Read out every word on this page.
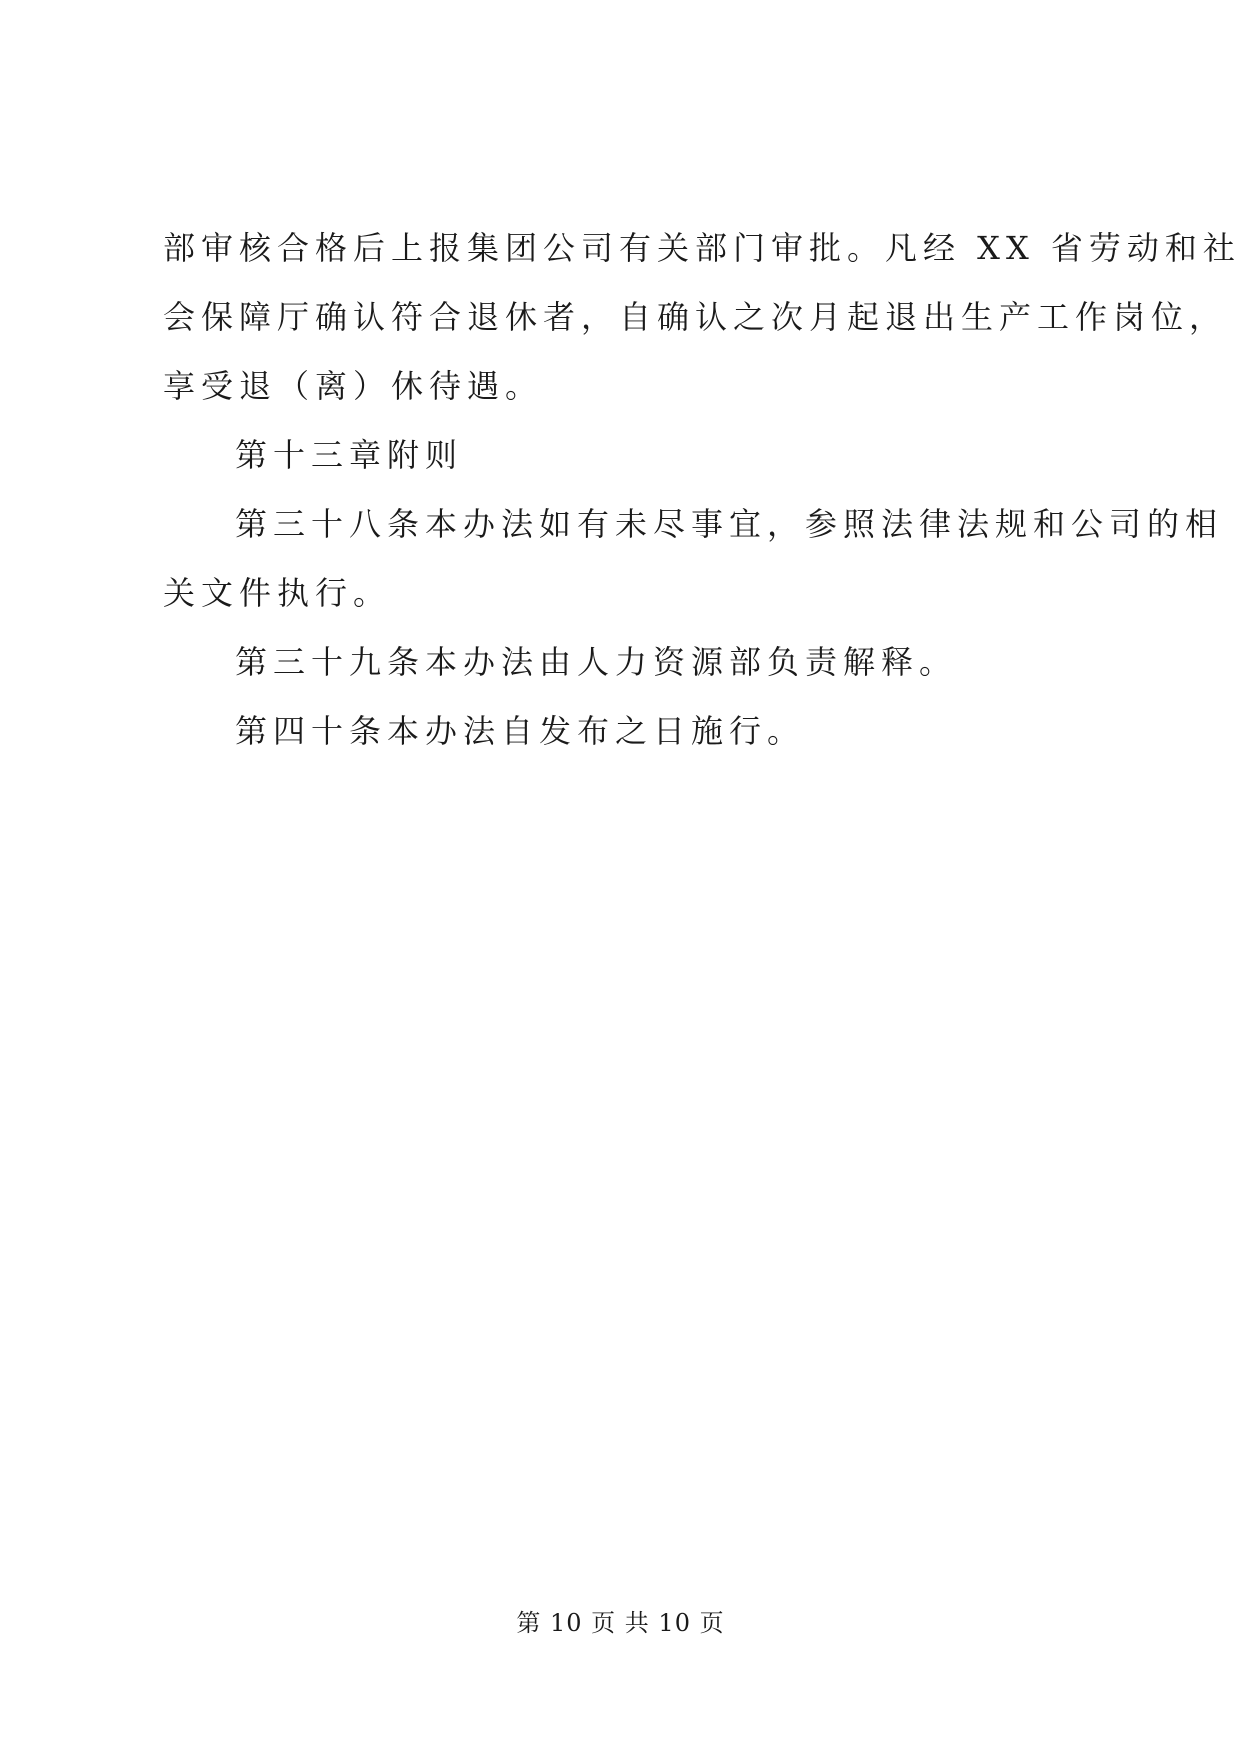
部审核合格后上报集团公司有关部门审批。凡经 XX 省劳动和社

会保障厅确认符合退休者，自确认之次月起退出生产工作岗位，

享受退（离）休待遇。

第十三章附则

第三十八条本办法如有未尽事宜，参照法律法规和公司的相

关文件执行。

第三十九条本办法由人力资源部负责解释。

第四十条本办法自发布之日施行。

第 10 页 共 10 页
